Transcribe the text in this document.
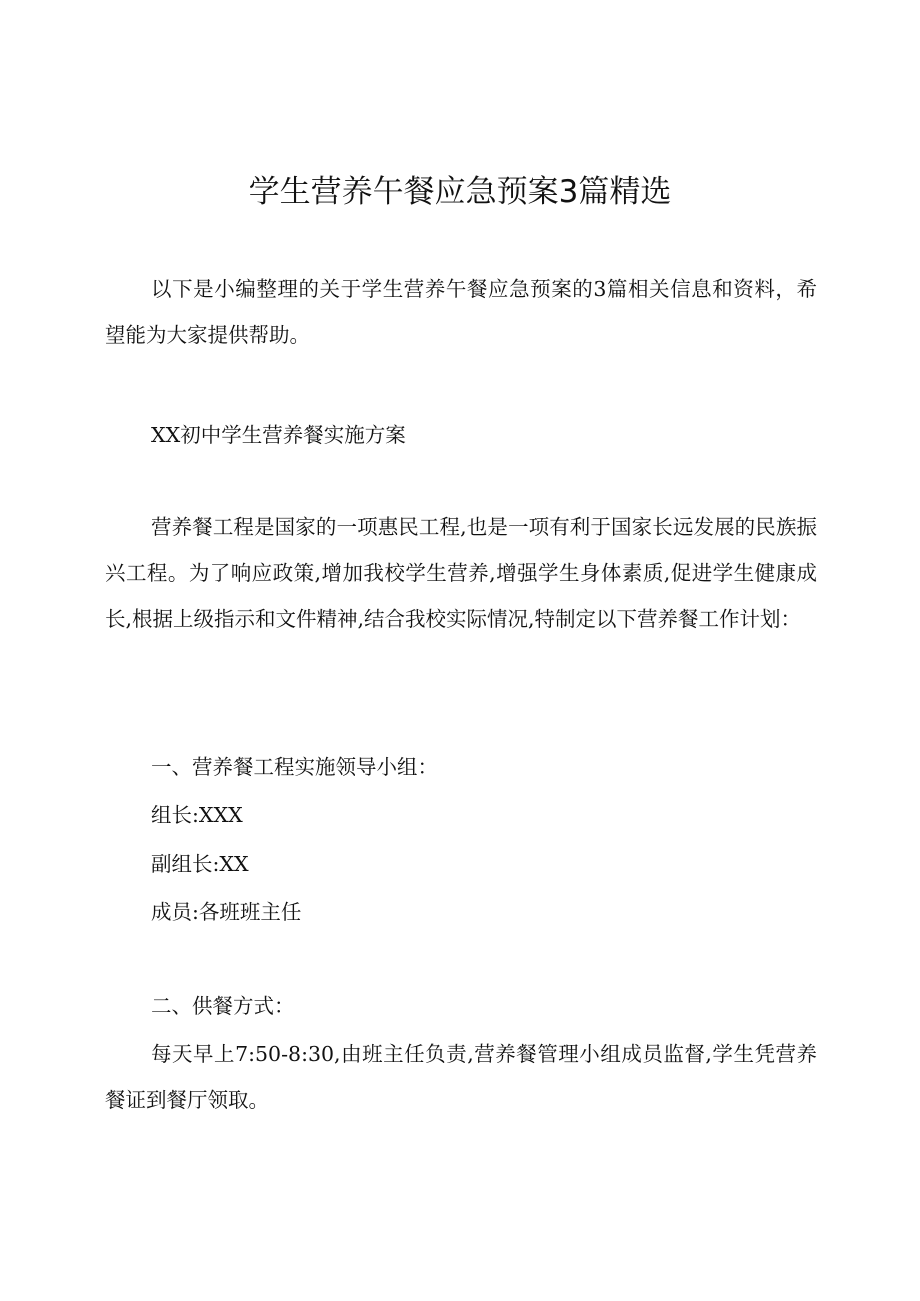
学生营养午餐应急预案3篇精选

以下是小编整理的关于学生营养午餐应急预案的3篇相关信息和资料，希望能为大家提供帮助。

XX初中学生营养餐实施方案

营养餐工程是国家的一项惠民工程,也是一项有利于国家长远发展的民族振兴工程。为了响应政策,增加我校学生营养,增强学生身体素质,促进学生健康成长,根据上级指示和文件精神,结合我校实际情况,特制定以下营养餐工作计划：

一、营养餐工程实施领导小组：

组长:XXX

副组长:XX

成员:各班班主任

二、供餐方式：

每天早上7:50-8:30,由班主任负责,营养餐管理小组成员监督,学生凭营养餐证到餐厅领取。
